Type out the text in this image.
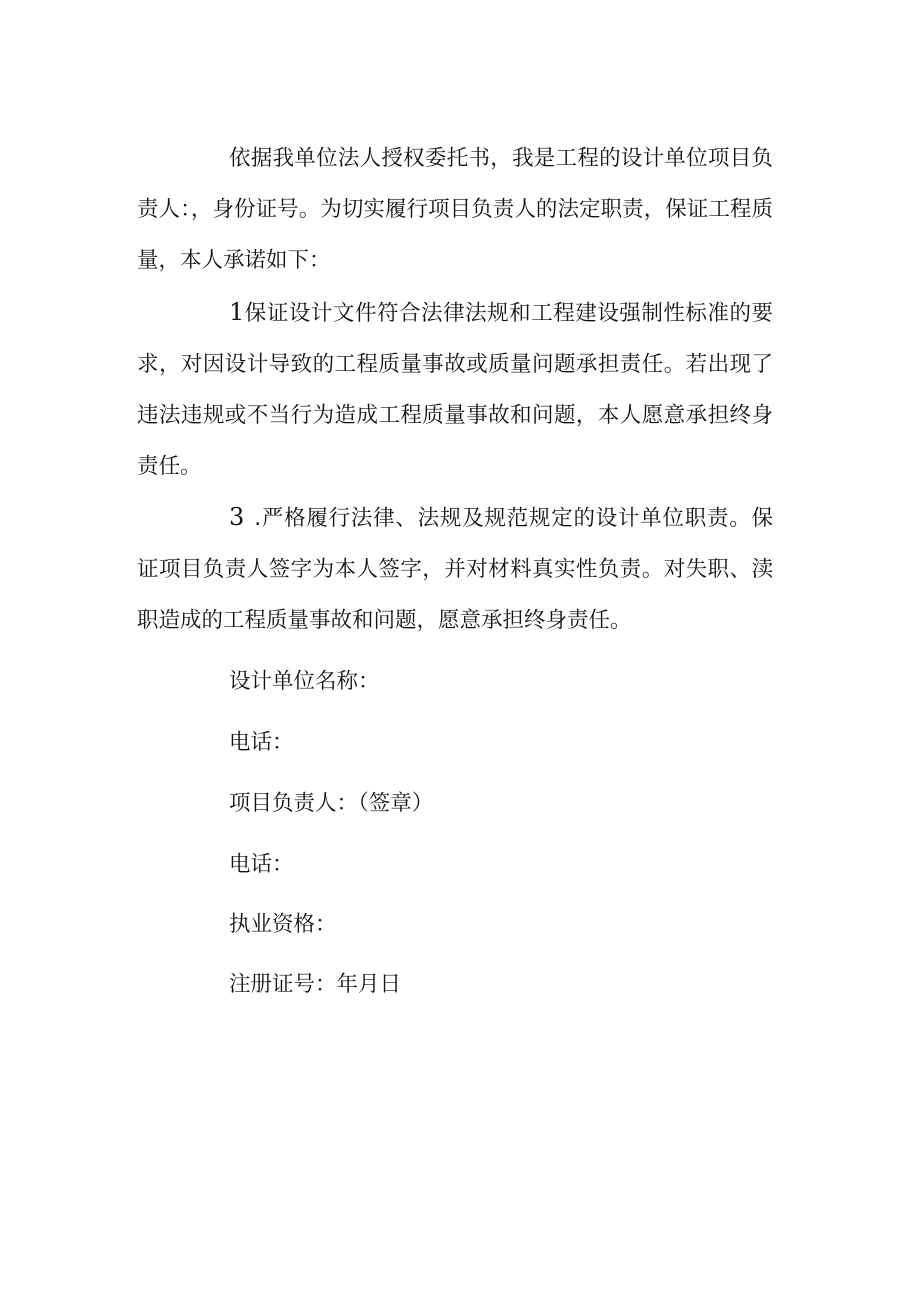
依据我单位法人授权委托书，我是工程的设计单位项目负责人：，身份证号。为切实履行项目负责人的法定职责，保证工程质量，本人承诺如下：

1保证设计文件符合法律法规和工程建设强制性标准的要求，对因设计导致的工程质量事故或质量问题承担责任。若出现了违法违规或不当行为造成工程质量事故和问题，本人愿意承担终身责任。

3 .严格履行法律、法规及规范规定的设计单位职责。保证项目负责人签字为本人签字，并对材料真实性负责。对失职、渎职造成的工程质量事故和问题，愿意承担终身责任。

设计单位名称：

电话：

项目负责人：（签章）

电话：

执业资格：

注册证号：年月日
